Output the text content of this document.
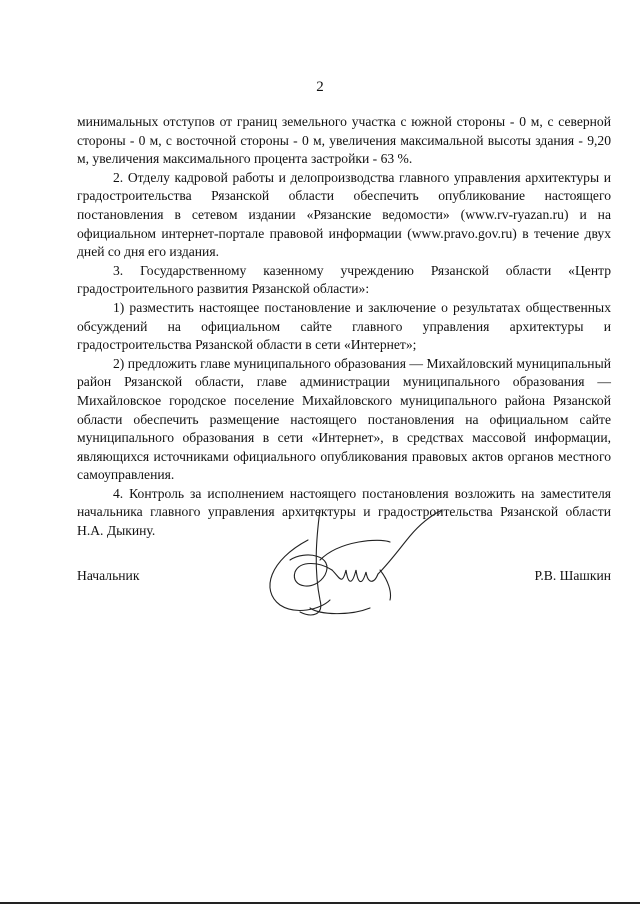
2

минимальных отступов от границ земельного участка с южной стороны - 0 м, с северной стороны - 0 м, с восточной стороны - 0 м, увеличения максимальной высоты здания - 9,20 м, увеличения максимального процента застройки - 63 %.

2. Отделу кадровой работы и делопроизводства главного управления архитектуры и градостроительства Рязанской области обеспечить опубликование настоящего постановления в сетевом издании «Рязанские ведомости» (www.rv-ryazan.ru) и на официальном интернет-портале правовой информации (www.pravo.gov.ru) в течение двух дней со дня его издания.

3. Государственному казенному учреждению Рязанской области «Центр градостроительного развития Рязанской области»:

1) разместить настоящее постановление и заключение о результатах общественных обсуждений на официальном сайте главного управления архитектуры и градостроительства Рязанской области в сети «Интернет»;

2) предложить главе муниципального образования — Михайловский муниципальный район Рязанской области, главе администрации муниципального образования — Михайловское городское поселение Михайловского муниципального района Рязанской области обеспечить размещение настоящего постановления на официальном сайте муниципального образования в сети «Интернет», в средствах массовой информации, являющихся источниками официального опубликования правовых актов органов местного самоуправления.

4. Контроль за исполнением настоящего постановления возложить на заместителя начальника главного управления архитектуры и градостроительства Рязанской области Н.А. Дыкину.

Начальник	Р.В. Шашкин
